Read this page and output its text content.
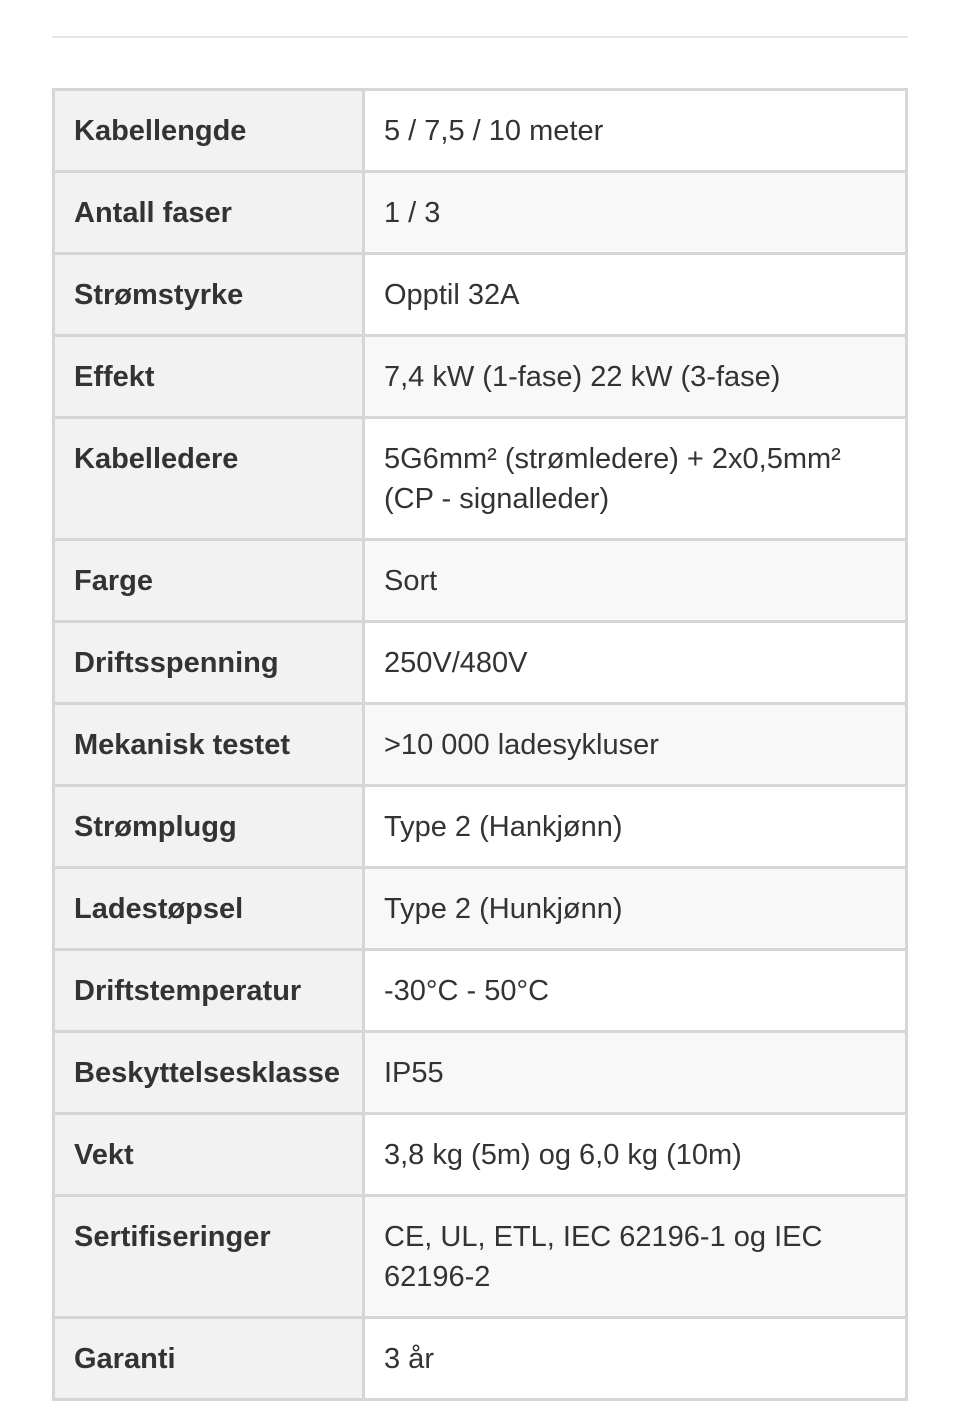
Kabellengde	5 / 7,5 / 10 meter
Antall faser	1 / 3
Strømstyrke	Opptil 32A
Effekt	7,4 kW (1-fase) 22 kW (3-fase)
Kabelledere	5G6mm² (strømledere) + 2x0,5mm² (CP - signalleder)
Farge	Sort
Driftsspenning	250V/480V
Mekanisk testet	>10 000 ladesykluser
Strømplugg	Type 2 (Hankjønn)
Ladestøpsel	Type 2 (Hunkjønn)
Driftstemperatur	-30°C - 50°C
Beskyttelsesklasse	IP55
Vekt	3,8 kg (5m) og 6,0 kg (10m)
Sertifiseringer	CE, UL, ETL, IEC 62196-1 og IEC 62196-2
Garanti	3 år
